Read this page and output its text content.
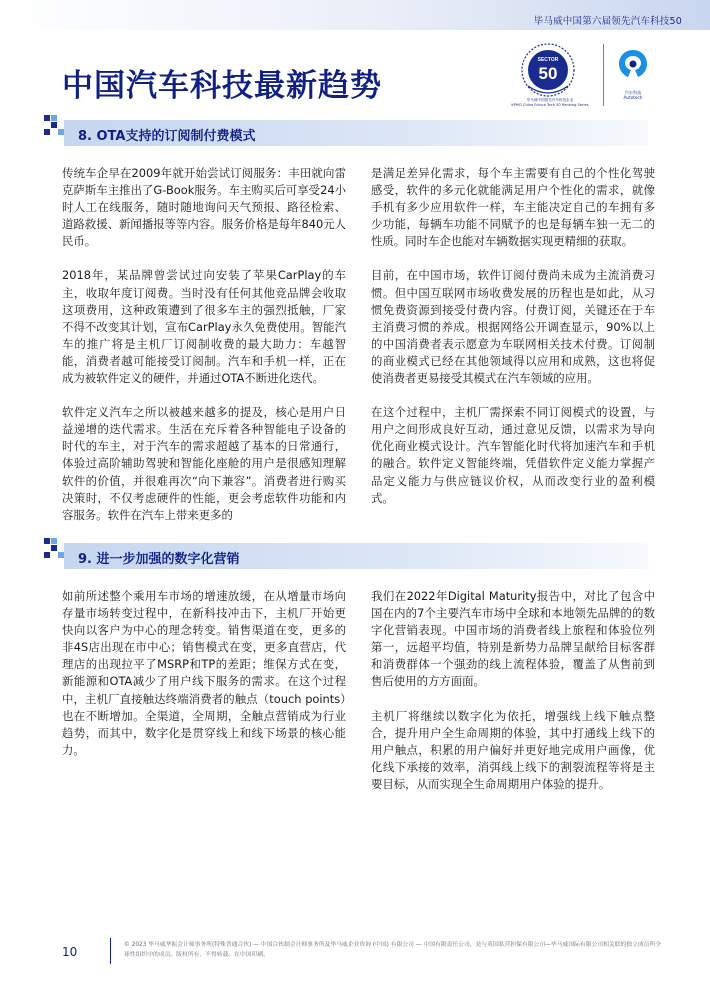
毕马威中国第六届领先汽车科技50
中国汽车科技最新趋势
SECTOR
50
毕马威中国领先汽车科技企业
KPMG China Future Tech 50 Ranking Series
汽车科技
Autotech
8. OTA支持的订阅制付费模式

传统车企早在2009年就开始尝试订阅服务：丰田就向雷克萨斯车主推出了G-Book服务。车主购买后可享受24小时人工在线服务，随时随地询问天气预报、路径检索、道路救援、新闻播报等等内容。服务价格是每年840元人民币。

2018年，某品牌曾尝试过向安装了苹果CarPlay的车主，收取年度订阅费。当时没有任何其他竞品牌会收取这项费用，这种政策遭到了很多车主的强烈抵触，厂家不得不改变其计划，宣布CarPlay永久免费使用。智能汽车的推广将是主机厂订阅制收费的最大助力：车越智能，消费者越可能接受订阅制。汽车和手机一样，正在成为被软件定义的硬件，并通过OTA不断进化迭代。

软件定义汽车之所以被越来越多的提及，核心是用户日益递增的迭代需求。生活在充斥着各种智能电子设备的时代的车主，对于汽车的需求超越了基本的日常通行，体验过高阶辅助驾驶和智能化座舱的用户是很感知理解软件的价值，并很难再次“向下兼容”。消费者进行购买决策时，不仅考虑硬件的性能，更会考虑软件功能和内容服务。软件在汽车上带来更多的

是满足差异化需求，每个车主需要有自己的个性化驾驶感受，软件的多元化就能满足用户个性化的需求，就像手机有多少应用软件一样，车主能决定自己的车拥有多少功能，每辆车功能不同赋予的也是每辆车独一无二的性质。同时车企也能对车辆数据实现更精细的获取。

目前，在中国市场，软件订阅付费尚未成为主流消费习惯。但中国互联网市场收费发展的历程也是如此，从习惯免费资源到接受付费内容。付费订阅，关键还在于车主消费习惯的养成。根据网络公开调查显示，90%以上的中国消费者表示愿意为车联网相关技术付费。订阅制的商业模式已经在其他领域得以应用和成熟，这也将促使消费者更易接受其模式在汽车领域的应用。

在这个过程中，主机厂需探索不同订阅模式的设置，与用户之间形成良好互动，通过意见反馈，以需求为导向优化商业模式设计。汽车智能化时代将加速汽车和手机的融合。软件定义智能终端，凭借软件定义能力掌握产品定义能力与供应链议价权，从而改变行业的盈利模式。

9. 进一步加强的数字化营销

如前所述整个乘用车市场的增速放缓，在从增量市场向存量市场转变过程中，在新科技冲击下，主机厂开始更快向以客户为中心的理念转变。销售渠道在变，更多的非4S店出现在市中心；销售模式在变，更多直营店，代理店的出现拉平了MSRP和TP的差距；维保方式在变，新能源和OTA减少了用户线下服务的需求。在这个过程中，主机厂直接触达终端消费者的触点（touch points）也在不断增加。全渠道，全周期，全触点营销成为行业趋势，而其中，数字化是贯穿线上和线下场景的核心能力。

我们在2022年Digital Maturity报告中，对比了包含中国在内的7个主要汽车市场中全球和本地领先品牌的的数字化营销表现。中国市场的消费者线上旅程和体验位列第一，远超平均值，特别是新势力品牌呈献给目标客群和消费群体一个强劲的线上流程体验，覆盖了从售前到售后使用的方方面面。

主机厂将继续以数字化为依托，增强线上线下触点整合，提升用户全生命周期的体验，其中打通线上线下的用户触点，积累的用户偏好并更好地完成用户画像，优化线下承接的效率，消弭线上线下的割裂流程等将是主要目标，从而实现全生命周期用户体验的提升。

10	© 2023 毕马威华振会计师事务所(特殊普通合伙) — 中国合伙制会计师事务所及毕马威企业咨询 (中国) 有限公司 — 中国有限责任公司，是与英国私营担保有限公司—毕马威国际有限公司相关联的独立成员所全球性组织中的成员。版权所有，不得转载。在中国印刷。
